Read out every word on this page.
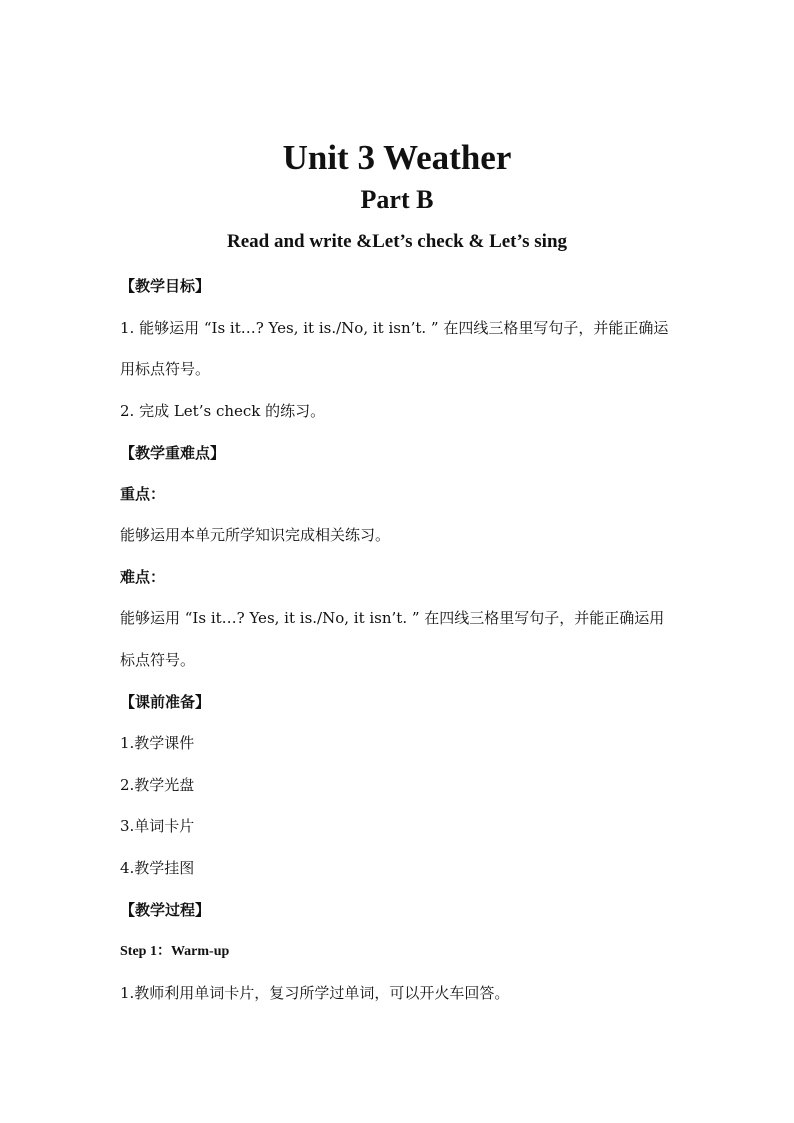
Unit 3 Weather
Part B
Read and write &Let’s check & Let’s sing
【教学目标】
1. 能够运用 “Is it…? Yes, it is./No, it isn’t. ” 在四线三格里写句子，并能正确运
用标点符号。
2. 完成 Let’s check 的练习。
【教学重难点】
重点：
能够运用本单元所学知识完成相关练习。
难点：
能够运用 “Is it…? Yes, it is./No, it isn’t. ” 在四线三格里写句子，并能正确运用
标点符号。
【课前准备】
1.教学课件
2.教学光盘
3.单词卡片
4.教学挂图
【教学过程】
Step 1：Warm-up
1.教师利用单词卡片，复习所学过单词，可以开火车回答。
